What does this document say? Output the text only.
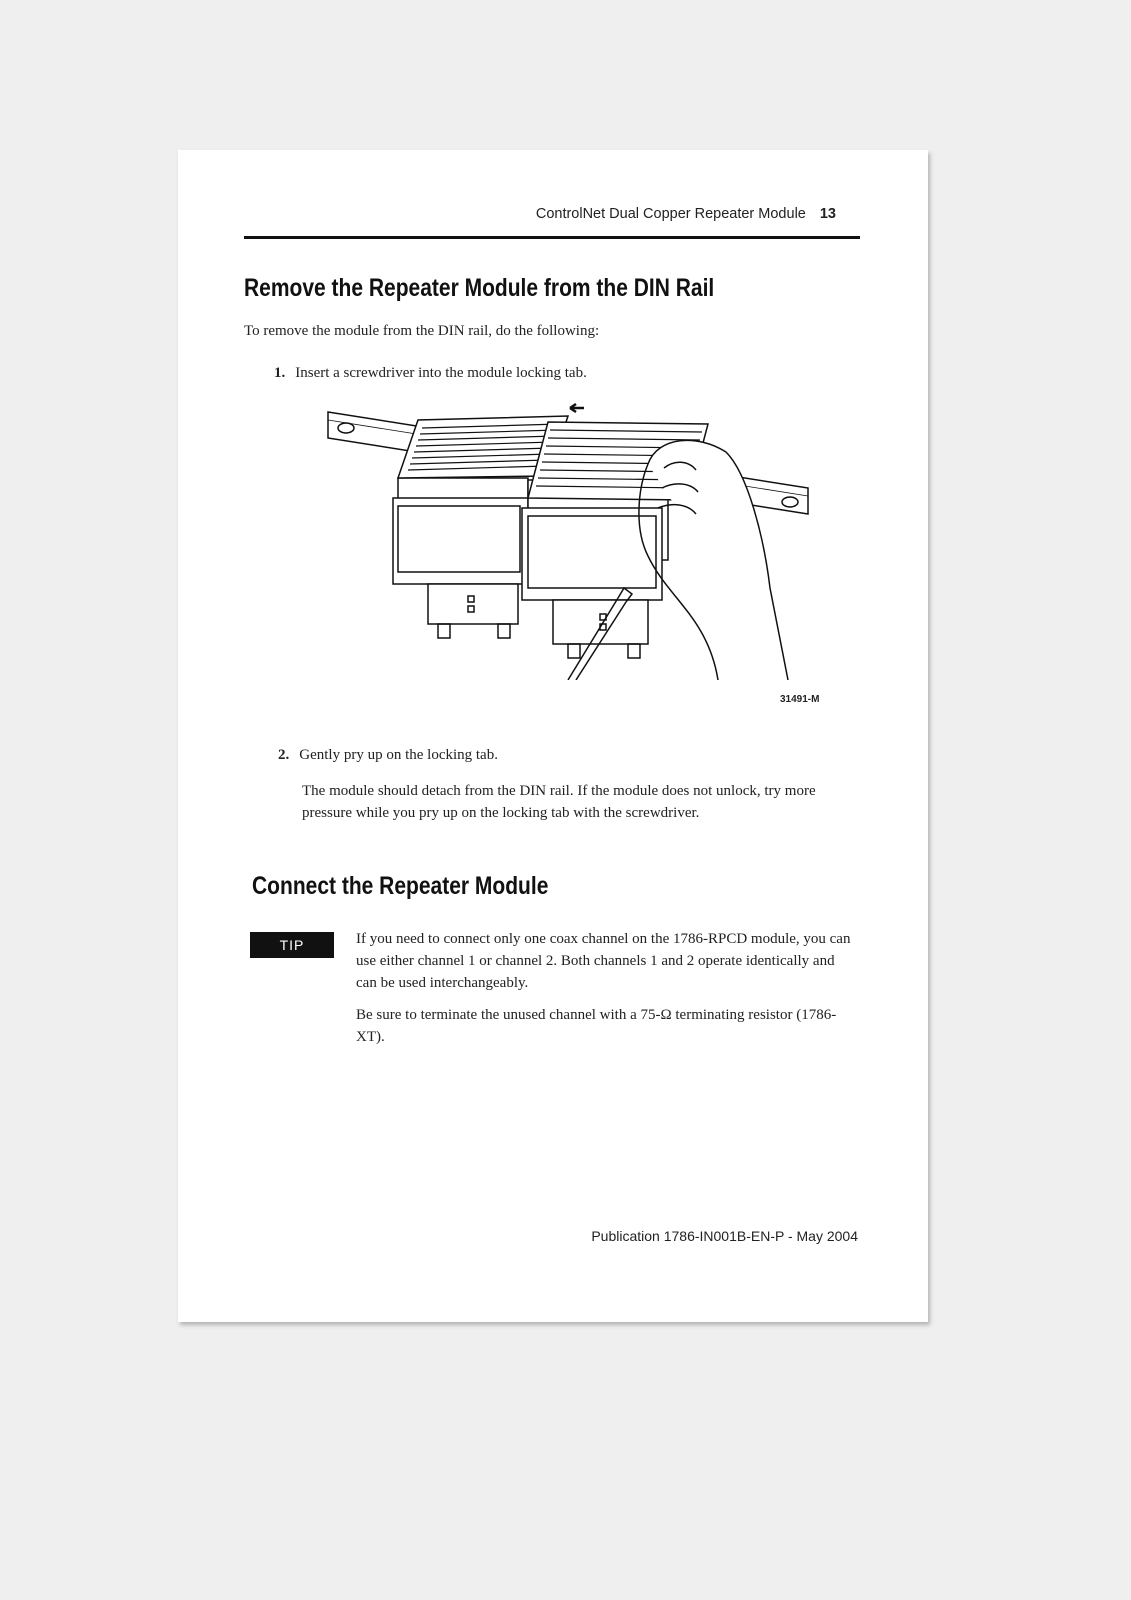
ControlNet Dual Copper Repeater Module 13
Remove the Repeater Module from the DIN Rail

To remove the module from the DIN rail, do the following:

1. Insert a screwdriver into the module locking tab.
31491-M
2. Gently pry up on the locking tab.

The module should detach from the DIN rail. If the module does not unlock, try more pressure while you pry up on the locking tab with the screwdriver.

Connect the Repeater Module
TIP	If you need to connect only one coax channel on the 1786-RPCD module, you can use either channel 1 or channel 2. Both channels 1 and 2 operate identically and can be used interchangeably.

Be sure to terminate the unused channel with a 75-Ω terminating resistor (1786-XT).

Publication 1786-IN001B-EN-P - May 2004
